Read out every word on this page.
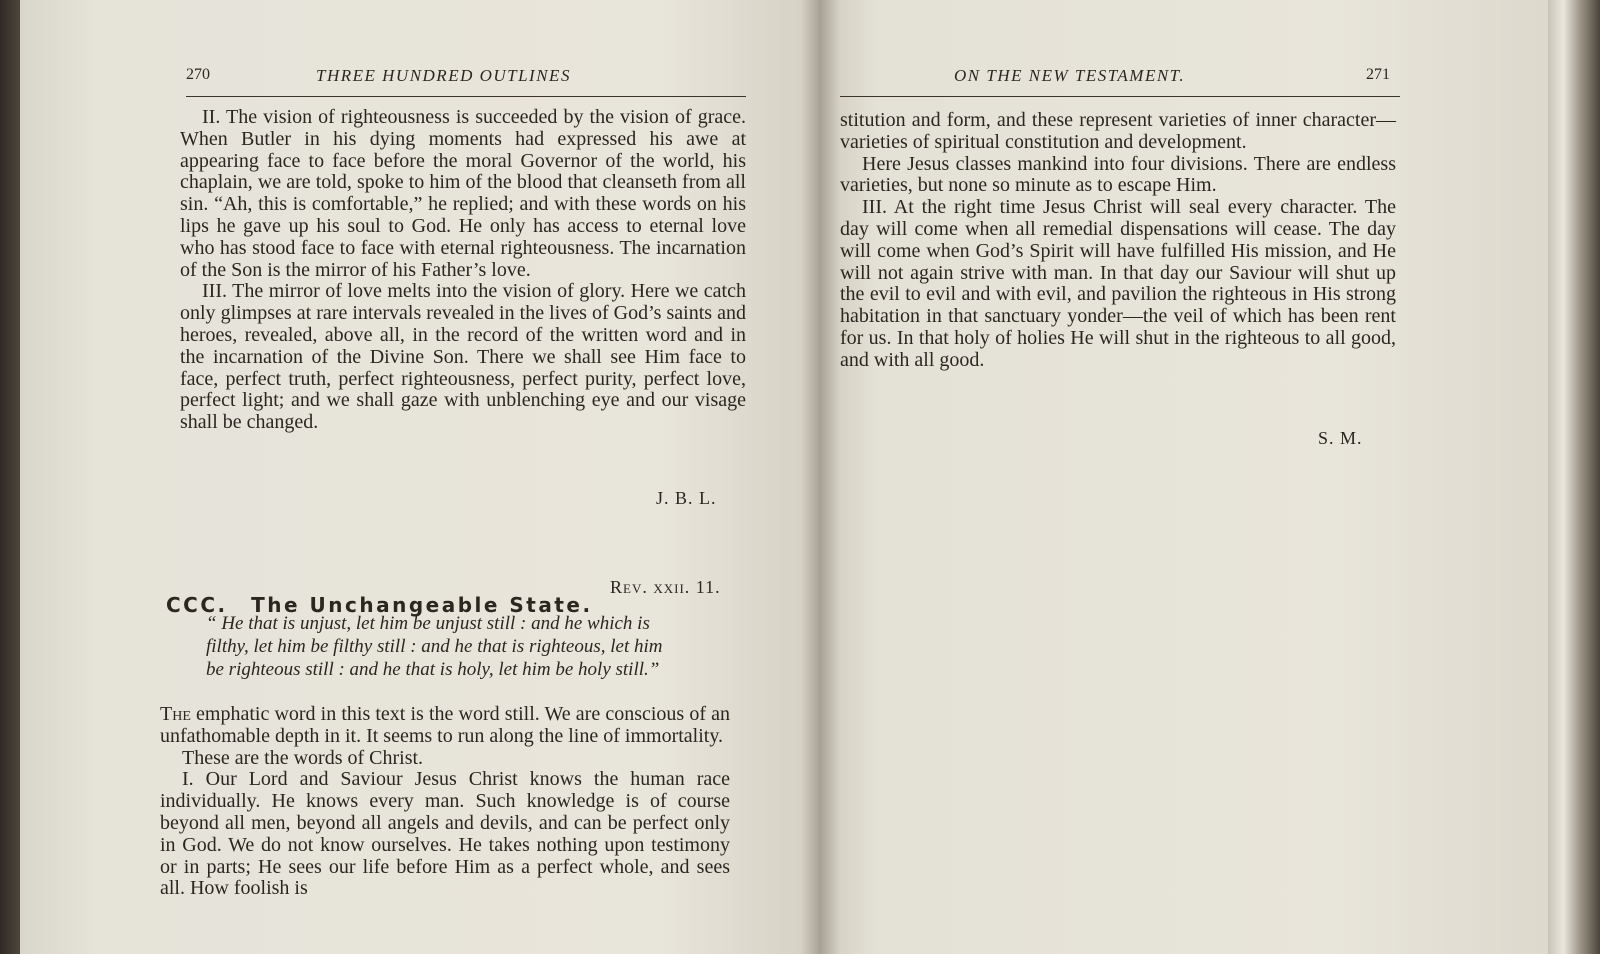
270	THREE HUNDRED OUTLINES

II. The vision of righteousness is succeeded by the vision of grace. When Butler in his dying moments had expressed his awe at appearing face to face before the moral Governor of the world, his chaplain, we are told, spoke to him of the blood that cleanseth from all sin. “Ah, this is comfortable,” he replied; and with these words on his lips he gave up his soul to God. He only has access to eternal love who has stood face to face with eternal righteousness. The incarnation of the Son is the mirror of his Father’s love.

III. The mirror of love melts into the vision of glory. Here we catch only glimpses at rare intervals revealed in the lives of God’s saints and heroes, revealed, above all, in the record of the written word and in the incarnation of the Divine Son. There we shall see Him face to face, perfect truth, perfect righteousness, perfect purity, perfect love, perfect light; and we shall gaze with unblenching eye and our visage shall be changed.

J. B. L.
CCC. The Unchangeable State.
Rev. xxii. 11.
“ He that is unjust, let him be unjust still : and he which is
filthy, let him be filthy still : and he that is righteous, let him
be righteous still : and he that is holy, let him be holy still.”

The emphatic word in this text is the word still. We are conscious of an unfathomable depth in it. It seems to run along the line of immortality.

These are the words of Christ.

I. Our Lord and Saviour Jesus Christ knows the human race individually. He knows every man. Such knowledge is of course beyond all men, beyond all angels and devils, and can be perfect only in God. We do not know ourselves. He takes nothing upon testimony or in parts; He sees our life before Him as a perfect whole, and sees all. How foolish is

ON THE NEW TESTAMENT.	271

stitution and form, and these represent varieties of inner character—varieties of spiritual constitution and development.

Here Jesus classes mankind into four divisions. There are endless varieties, but none so minute as to escape Him.

III. At the right time Jesus Christ will seal every character. The day will come when all remedial dispensations will cease. The day will come when God’s Spirit will have fulfilled His mission, and He will not again strive with man. In that day our Saviour will shut up the evil to evil and with evil, and pavilion the righteous in His strong habitation in that sanctuary yonder—the veil of which has been rent for us. In that holy of holies He will shut in the righteous to all good, and with all good.

S. M.
